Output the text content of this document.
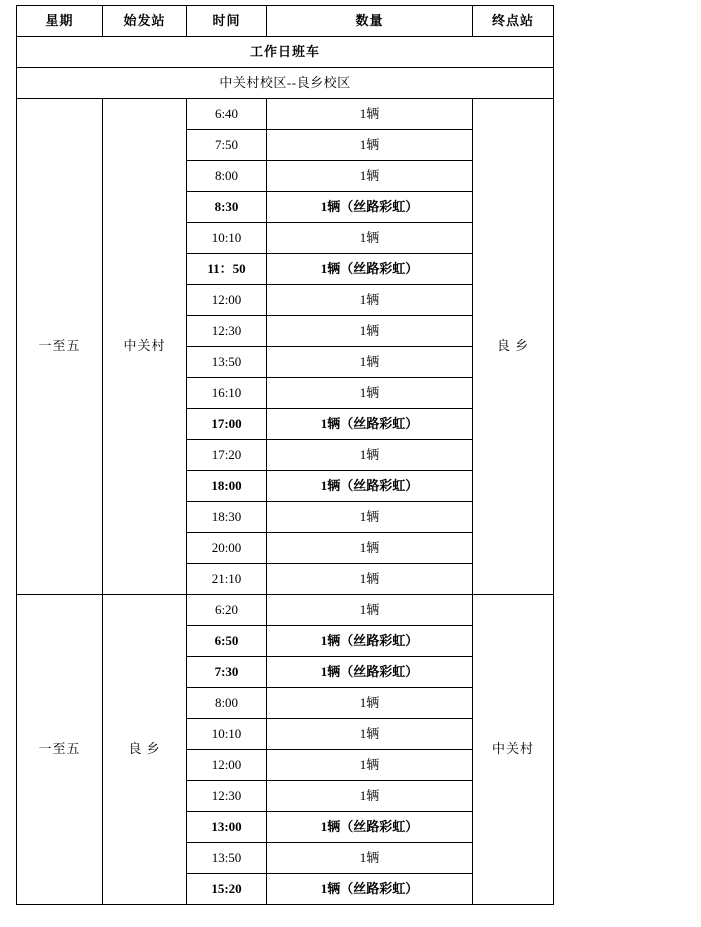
星期	始发站	时间	数量	终点站
工作日班车				
中关村校区--良乡校区				
一至五	中关村	6:40	1辆	良 乡
		7:50	1辆	
		8:00	1辆	
		8:30	1辆（丝路彩虹）	
		10:10	1辆	
		11：50	1辆（丝路彩虹）	
		12:00	1辆	
		12:30	1辆	
		13:50	1辆	
		16:10	1辆	
		17:00	1辆（丝路彩虹）	
		17:20	1辆	
		18:00	1辆（丝路彩虹）	
		18:30	1辆	
		20:00	1辆	
		21:10	1辆	
一至五	良 乡	6:20	1辆	中关村
		6:50	1辆（丝路彩虹）	
		7:30	1辆（丝路彩虹）	
		8:00	1辆	
		10:10	1辆	
		12:00	1辆	
		12:30	1辆	
		13:00	1辆（丝路彩虹）	
		13:50	1辆	
		15:20	1辆（丝路彩虹）	
